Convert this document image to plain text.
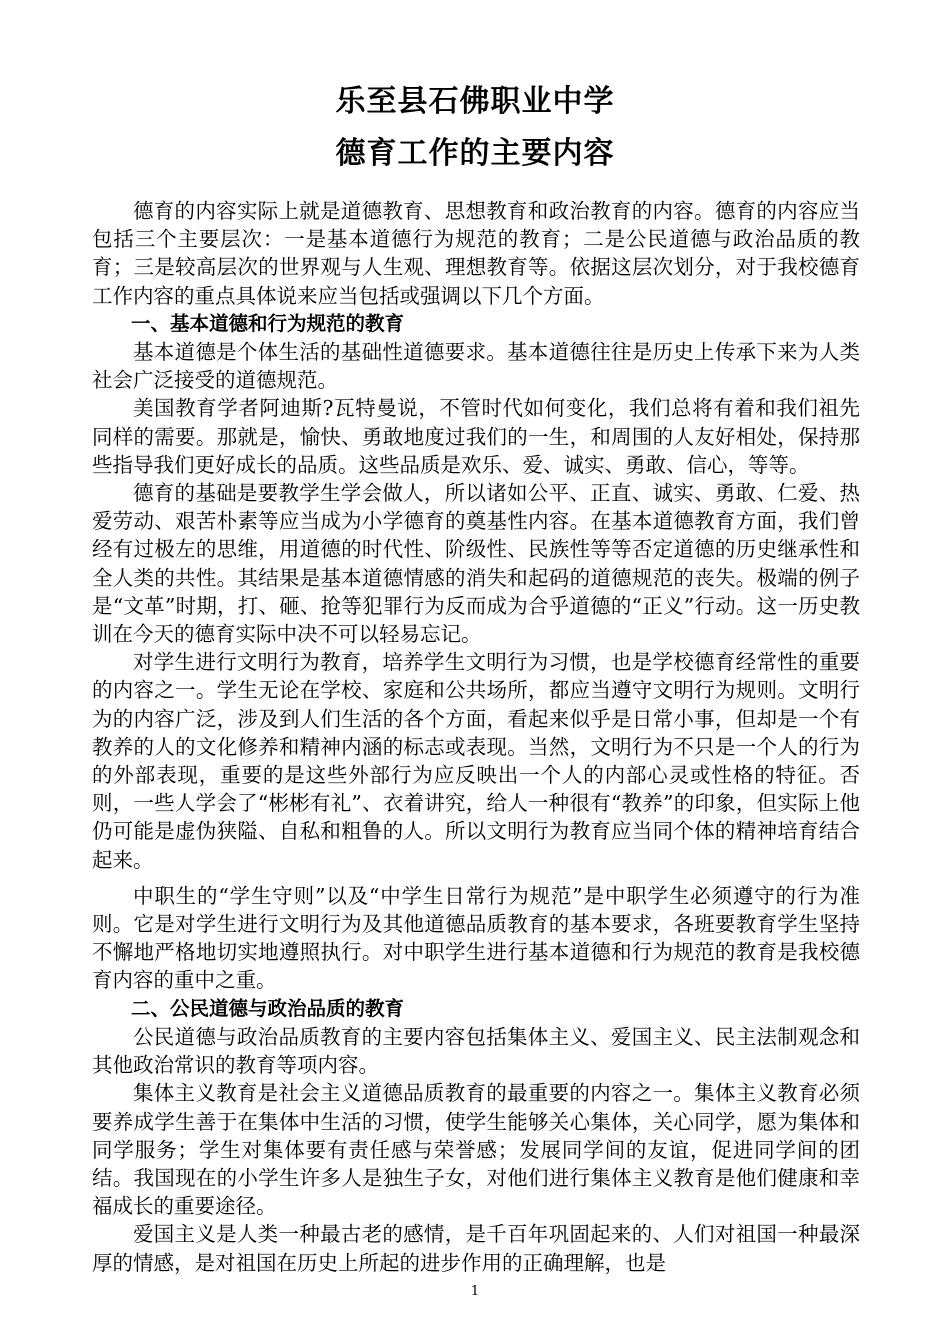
乐至县石佛职业中学
德育工作的主要内容

德育的内容实际上就是道德教育、思想教育和政治教育的内容。德育的内容应当包括三个主要层次：一是基本道德行为规范的教育；二是公民道德与政治品质的教育；三是较高层次的世界观与人生观、理想教育等。依据这层次划分，对于我校德育工作内容的重点具体说来应当包括或强调以下几个方面。

一、基本道德和行为规范的教育

基本道德是个体生活的基础性道德要求。基本道德往往是历史上传承下来为人类社会广泛接受的道德规范。

美国教育学者阿迪斯?瓦特曼说，不管时代如何变化，我们总将有着和我们祖先同样的需要。那就是，愉快、勇敢地度过我们的一生，和周围的人友好相处，保持那些指导我们更好成长的品质。这些品质是欢乐、爱、诚实、勇敢、信心，等等。

德育的基础是要教学生学会做人，所以诸如公平、正直、诚实、勇敢、仁爱、热爱劳动、艰苦朴素等应当成为小学德育的奠基性内容。在基本道德教育方面，我们曾经有过极左的思维，用道德的时代性、阶级性、民族性等等否定道德的历史继承性和全人类的共性。其结果是基本道德情感的消失和起码的道德规范的丧失。极端的例子是“文革”时期，打、砸、抢等犯罪行为反而成为合乎道德的“正义”行动。这一历史教训在今天的德育实际中决不可以轻易忘记。

对学生进行文明行为教育，培养学生文明行为习惯，也是学校德育经常性的重要的内容之一。学生无论在学校、家庭和公共场所，都应当遵守文明行为规则。文明行为的内容广泛，涉及到人们生活的各个方面，看起来似乎是日常小事，但却是一个有教养的人的文化修养和精神内涵的标志或表现。当然，文明行为不只是一个人的行为的外部表现，重要的是这些外部行为应反映出一个人的内部心灵或性格的特征。否则，一些人学会了“彬彬有礼”、衣着讲究，给人一种很有“教养”的印象，但实际上他仍可能是虚伪狭隘、自私和粗鲁的人。所以文明行为教育应当同个体的精神培育结合起来。

中职生的“学生守则”以及“中学生日常行为规范”是中职学生必须遵守的行为准则。它是对学生进行文明行为及其他道德品质教育的基本要求，各班要教育学生坚持不懈地严格地切实地遵照执行。对中职学生进行基本道德和行为规范的教育是我校德育内容的重中之重。

二、公民道德与政治品质的教育

公民道德与政治品质教育的主要内容包括集体主义、爱国主义、民主法制观念和其他政治常识的教育等项内容。

集体主义教育是社会主义道德品质教育的最重要的内容之一。集体主义教育必须要养成学生善于在集体中生活的习惯，使学生能够关心集体，关心同学，愿为集体和同学服务；学生对集体要有责任感与荣誉感；发展同学间的友谊，促进同学间的团结。我国现在的小学生许多人是独生子女，对他们进行集体主义教育是他们健康和幸福成长的重要途径。

爱国主义是人类一种最古老的感情，是千百年巩固起来的、人们对祖国一种最深厚的情感，是对祖国在历史上所起的进步作用的正确理解，也是

1
